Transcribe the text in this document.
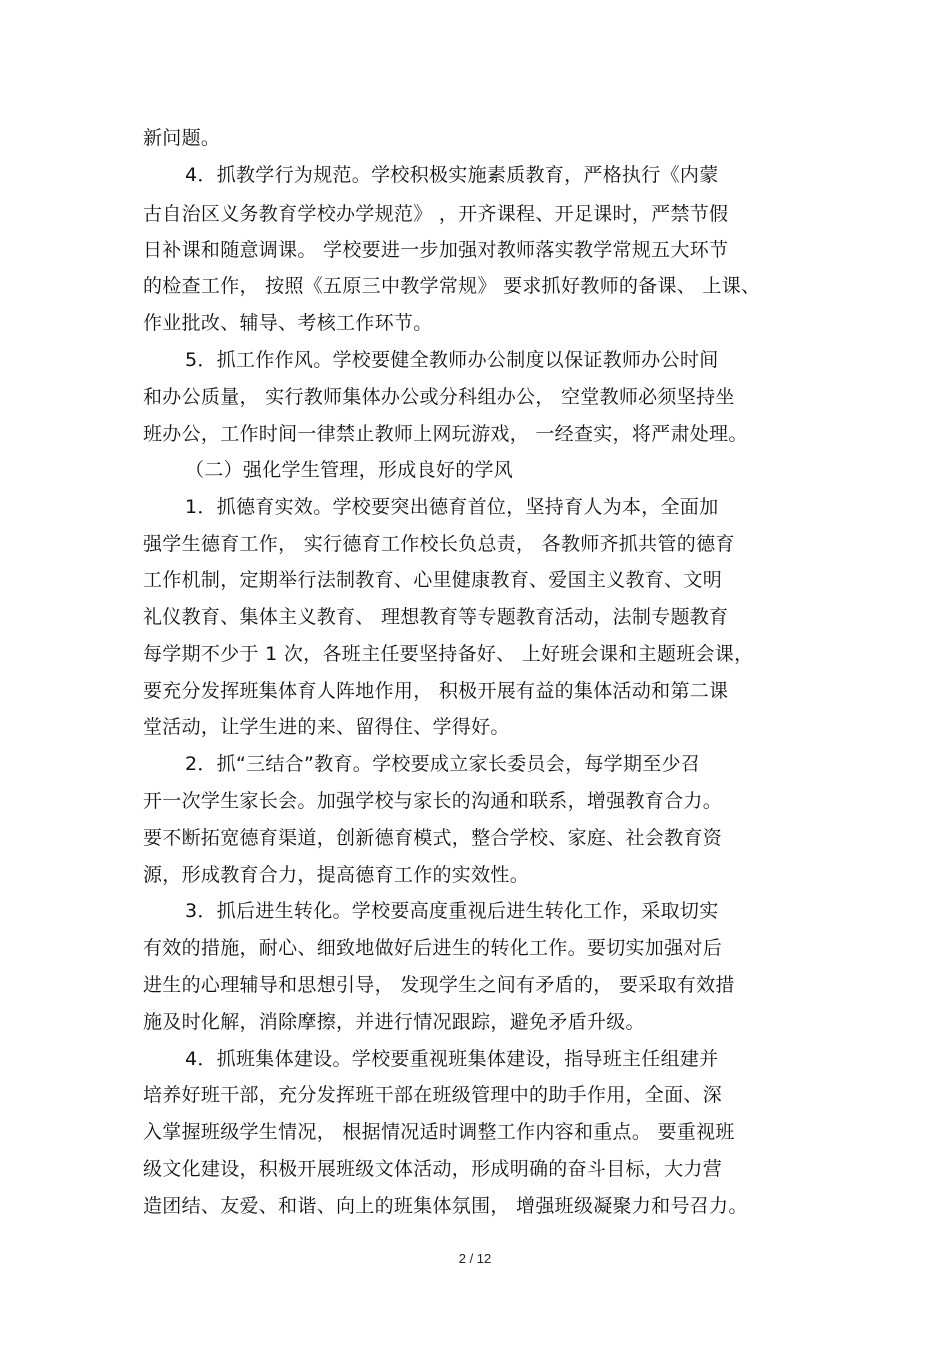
新问题。
4．抓教学行为规范。学校积极实施素质教育，严格执行《内蒙
古自治区义务教育学校办学规范》 ，开齐课程、开足课时，严禁节假
日补课和随意调课。 学校要进一步加强对教师落实教学常规五大环节
的检查工作， 按照《五原三中教学常规》 要求抓好教师的备课、 上课、
作业批改、辅导、考核工作环节。
5．抓工作作风。学校要健全教师办公制度以保证教师办公时间
和办公质量， 实行教师集体办公或分科组办公， 空堂教师必须坚持坐
班办公，工作时间一律禁止教师上网玩游戏， 一经查实，将严肃处理。
（二）强化学生管理，形成良好的学风
1．抓德育实效。学校要突出德育首位，坚持育人为本，全面加
强学生德育工作， 实行德育工作校长负总责， 各教师齐抓共管的德育
工作机制，定期举行法制教育、心里健康教育、爱国主义教育、文明
礼仪教育、集体主义教育、 理想教育等专题教育活动，法制专题教育
每学期不少于 1 次，各班主任要坚持备好、 上好班会课和主题班会课，
要充分发挥班集体育人阵地作用， 积极开展有益的集体活动和第二课
堂活动，让学生进的来、留得住、学得好。
2．抓“三结合”教育。学校要成立家长委员会，每学期至少召
开一次学生家长会。加强学校与家长的沟通和联系，增强教育合力。
要不断拓宽德育渠道，创新德育模式，整合学校、家庭、社会教育资
源，形成教育合力，提高德育工作的实效性。
3．抓后进生转化。学校要高度重视后进生转化工作，采取切实
有效的措施，耐心、细致地做好后进生的转化工作。要切实加强对后
进生的心理辅导和思想引导， 发现学生之间有矛盾的， 要采取有效措
施及时化解，消除摩擦，并进行情况跟踪，避免矛盾升级。
4．抓班集体建设。学校要重视班集体建设，指导班主任组建并
培养好班干部，充分发挥班干部在班级管理中的助手作用，全面、深
入掌握班级学生情况， 根据情况适时调整工作内容和重点。 要重视班
级文化建设，积极开展班级文体活动，形成明确的奋斗目标，大力营
造团结、友爱、和谐、向上的班集体氛围， 增强班级凝聚力和号召力。
2 / 12
